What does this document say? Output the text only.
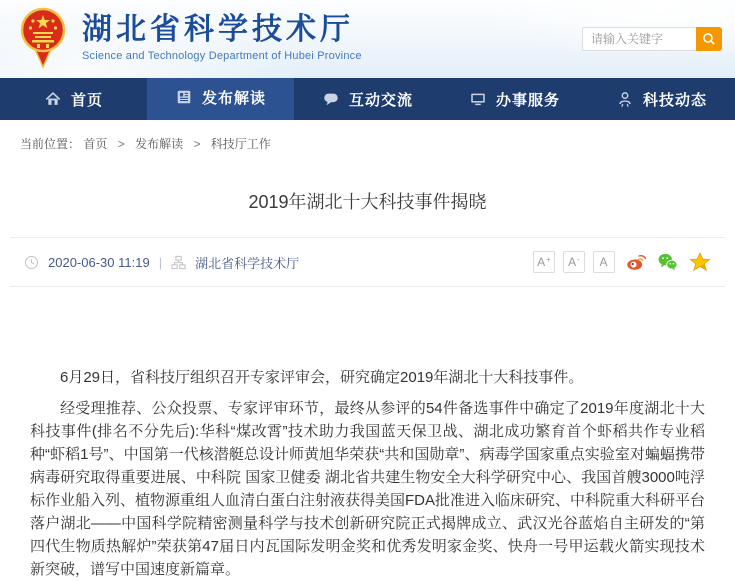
湖北省科学技术厅
Science and Technology Department of Hubei Province
请输入关键字
首页	发布解读	互动交流	办事服务	科技动态
当前位置： 首页 > 发布解读 > 科技厅工作
2019年湖北十大科技事件揭晓
2020-06-30 11:19 |	湖北省科学技术厅	A + A - A

6月29日，省科技厅组织召开专家评审会，研究确定2019年湖北十大科技事件。

经受理推荐、公众投票、专家评审环节，最终从参评的54件备选事件中确定了2019年度湖北十大科技事件(排名不分先后):华科“煤改霄”技术助力我国蓝天保卫战、湖北成功繁育首个虾稻共作专业稻种“虾稻1号”、中国第一代核潜艇总设计师黄旭华荣获“共和国勋章”、病毒学国家重点实验室对蝙蝠携带病毒研究取得重要进展、中科院 国家卫健委 湖北省共建生物安全大科学研究中心、我国首艘3000吨浮标作业船入列、植物源重组人血清白蛋白注射液获得美国FDA批准进入临床研究、中科院重大科研平台落户湖北——中国科学院精密测量科学与技术创新研究院正式揭牌成立、武汉光谷蓝焰自主研发的“第四代生物质热解炉”荣获第47届日内瓦国际发明金奖和优秀发明家金奖、快舟一号甲运载火箭实现技术新突破，谱写中国速度新篇章。
